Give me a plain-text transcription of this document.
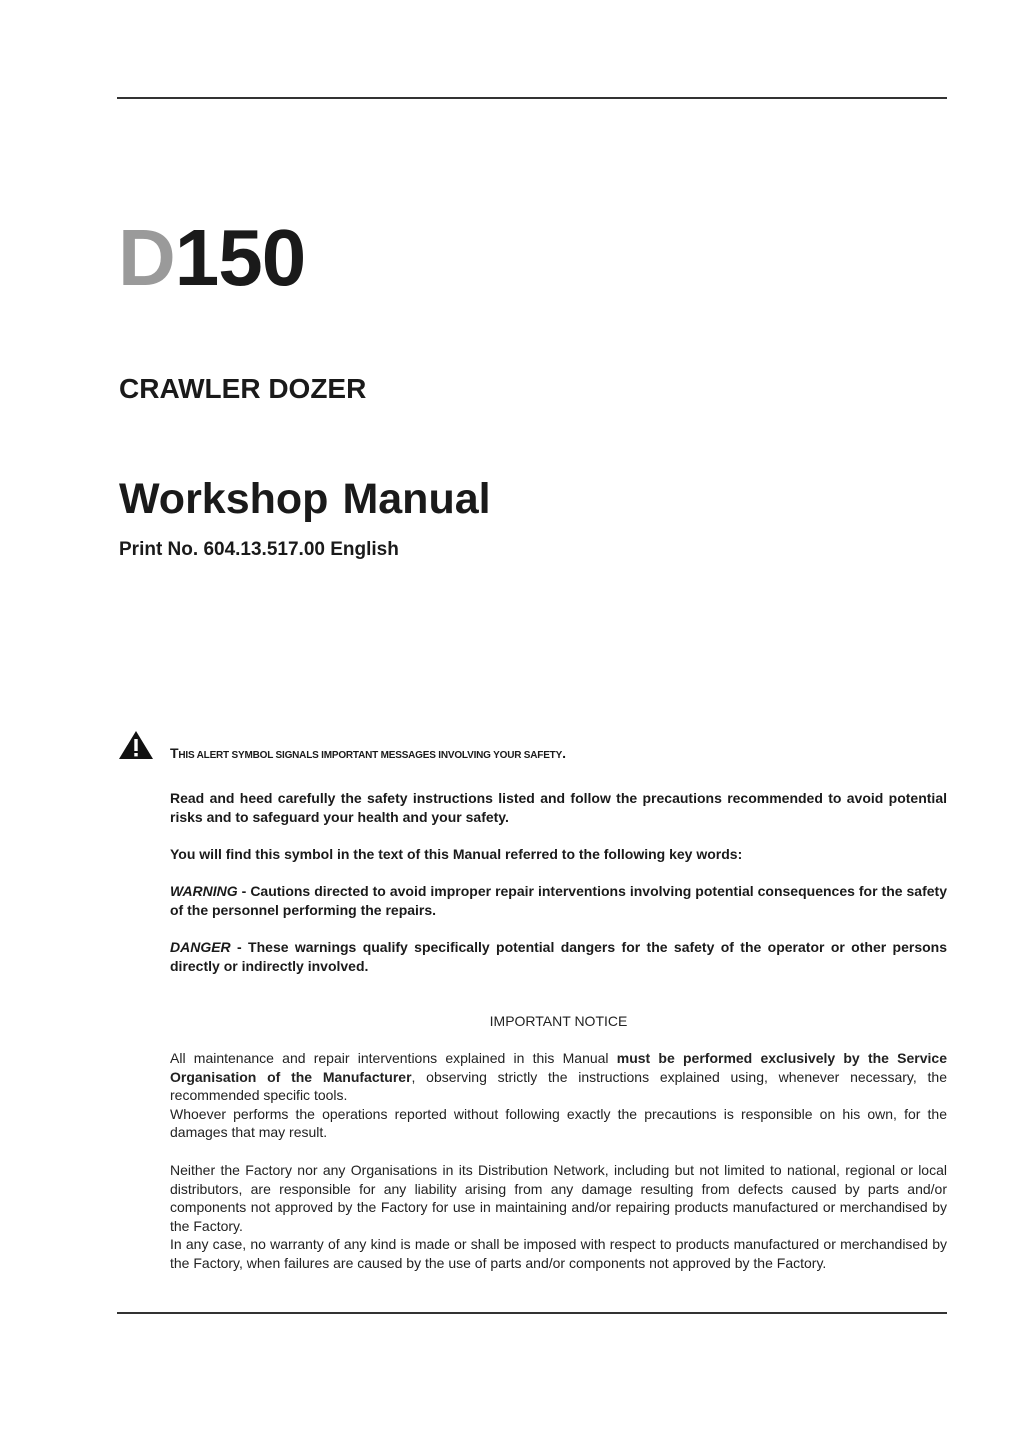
D150
CRAWLER DOZER
Workshop Manual
Print No. 604.13.517.00 English
THIS ALERT SYMBOL SIGNALS IMPORTANT MESSAGES INVOLVING YOUR SAFETY.

Read and heed carefully the safety instructions listed and follow the precautions recommended to avoid potential risks and to safeguard your health and your safety.

You will find this symbol in the text of this Manual referred to the following key words:

WARNING - Cautions directed to avoid improper repair interventions involving potential consequences for the safety of the personnel performing the repairs.

DANGER - These warnings qualify specifically potential dangers for the safety of the operator or other persons directly or indirectly involved.

IMPORTANT NOTICE

All maintenance and repair interventions explained in this Manual must be performed exclusively by the Service Organisation of the Manufacturer, observing strictly the instructions explained using, whenever necessary, the recommended specific tools.
Whoever performs the operations reported without following exactly the precautions is responsible on his own, for the damages that may result.

Neither the Factory nor any Organisations in its Distribution Network, including but not limited to national, regional or local distributors, are responsible for any liability arising from any damage resulting from defects caused by parts and/or components not approved by the Factory for use in maintaining and/or repairing products manufactured or merchandised by the Factory.
In any case, no warranty of any kind is made or shall be imposed with respect to products manufactured or merchandised by the Factory, when failures are caused by the use of parts and/or components not approved by the Factory.
